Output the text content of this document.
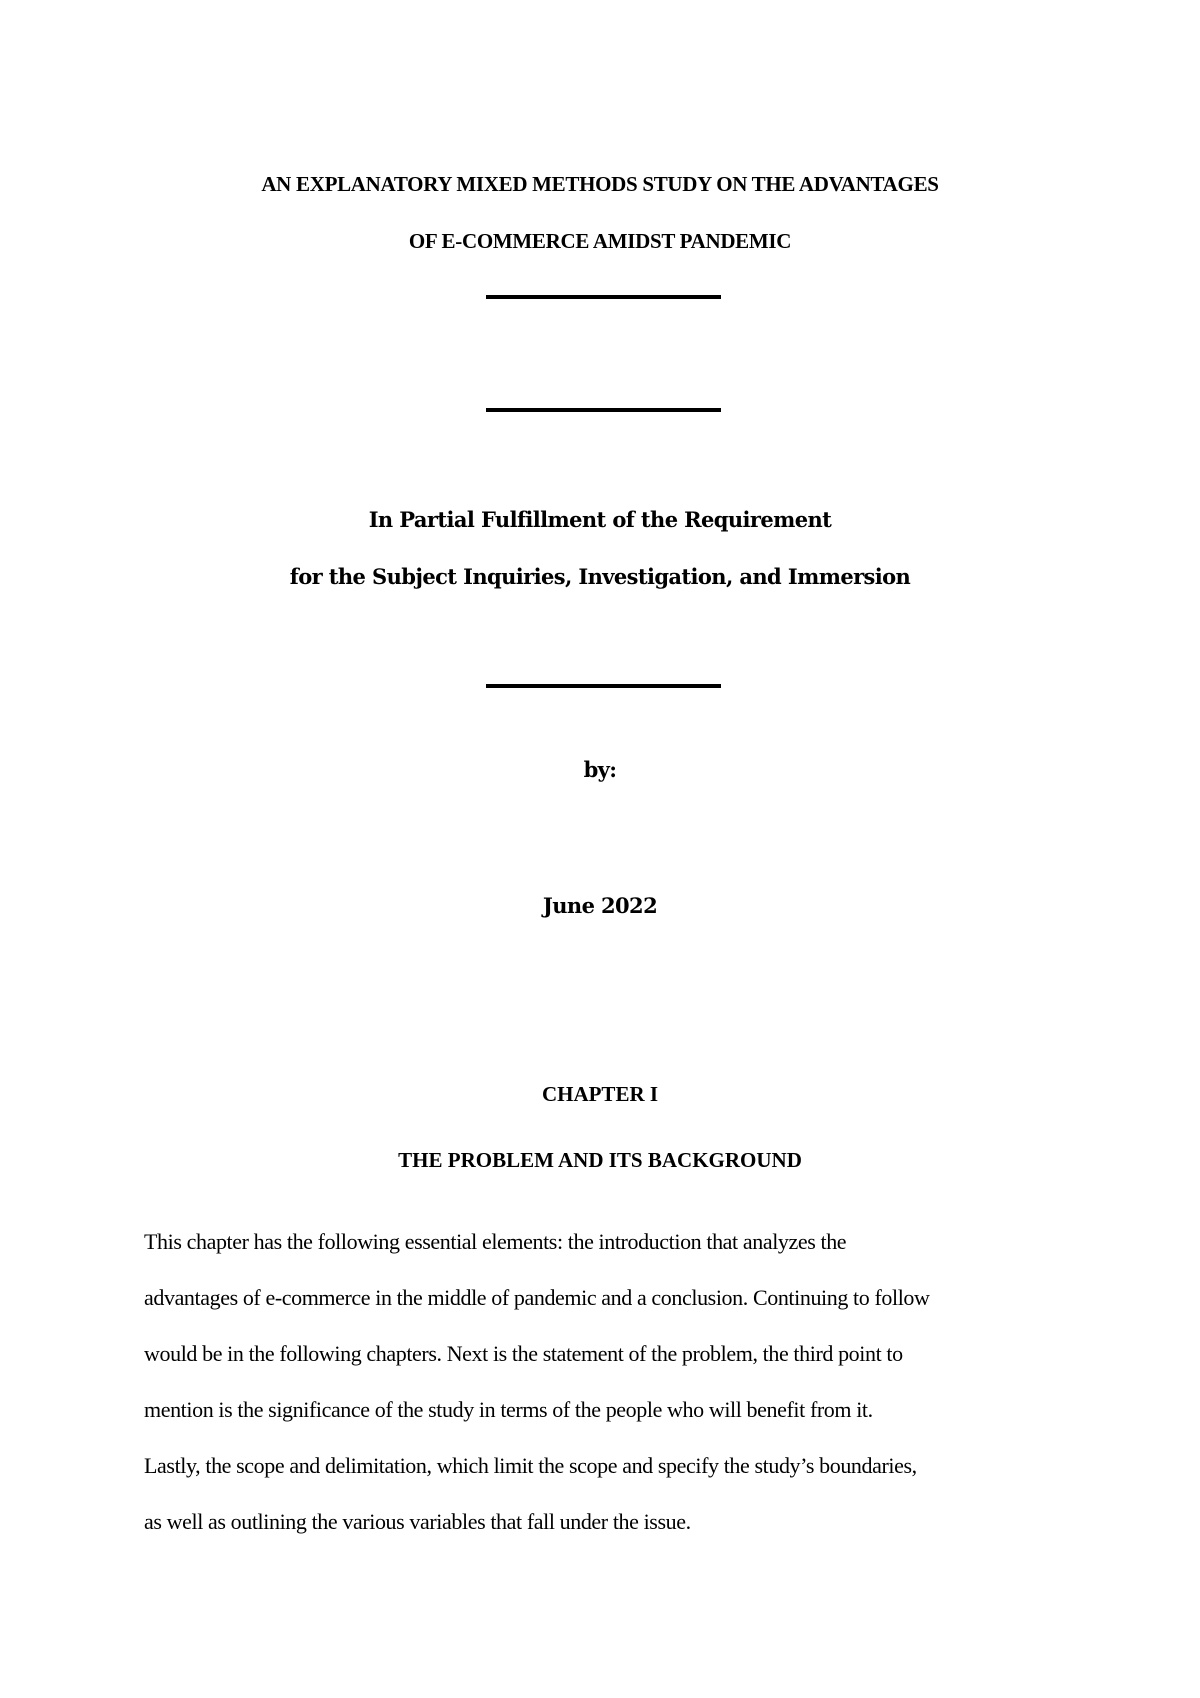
AN EXPLANATORY MIXED METHODS STUDY ON THE ADVANTAGES
OF E-COMMERCE AMIDST PANDEMIC
In Partial Fulfillment of the Requirement
for the Subject Inquiries, Investigation, and Immersion
by:
June 2022
CHAPTER I
THE PROBLEM AND ITS BACKGROUND

This chapter has the following essential elements: the introduction that analyzes the

advantages of e-commerce in the middle of pandemic and a conclusion. Continuing to follow

would be in the following chapters. Next is the statement of the problem, the third point to

mention is the significance of the study in terms of the people who will benefit from it.

Lastly, the scope and delimitation, which limit the scope and specify the study’s boundaries,

as well as outlining the various variables that fall under the issue.
